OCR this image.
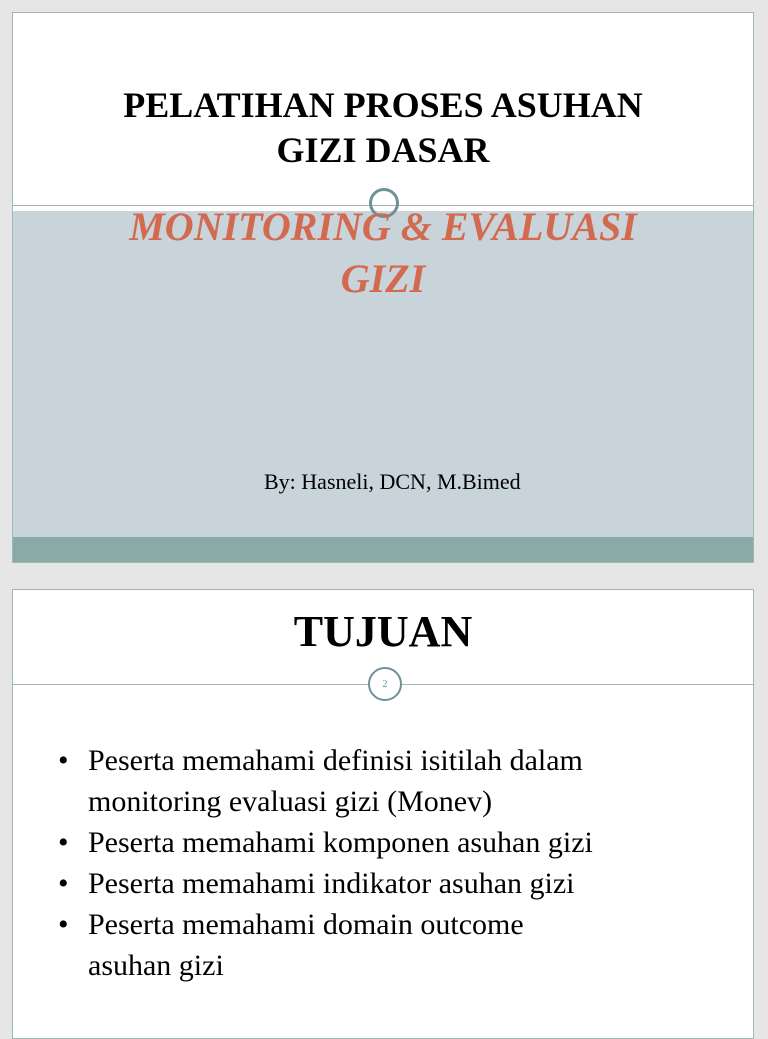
PELATIHAN PROSES ASUHAN
GIZI DASAR
MONITORING & EVALUASI
GIZI
By: Hasneli, DCN, M.Bimed
TUJUAN
2
• Peserta memahami definisi isitilah dalam
monitoring evaluasi gizi (Monev)
• Peserta memahami komponen asuhan gizi
• Peserta memahami indikator asuhan gizi
• Peserta memahami domain outcome
asuhan gizi
